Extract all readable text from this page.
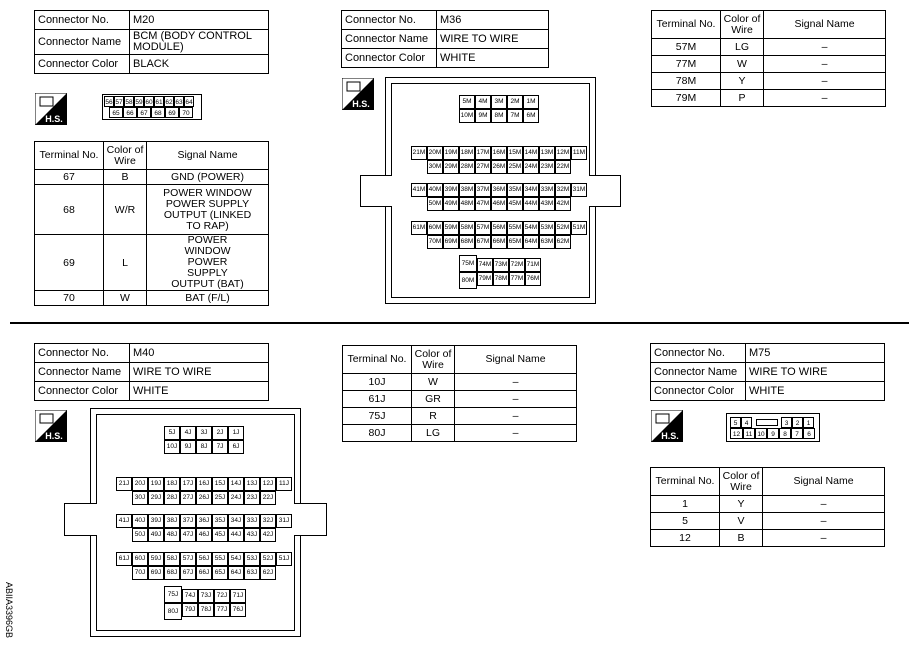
Connector No.	M20
Connector Name	BCM (BODY CONTROL MODULE)
Connector Color	BLACK
H.S.
56 57 58 59 60 61 62 63 64
65	66	67	68	69	70
Terminal No.	Color of Wire	Signal Name
67	B	GND (POWER)
68	W/R	POWER WINDOW POWER SUPPLY OUTPUT (LINKED TO RAP)
69	L	POWER WINDOW POWER SUPPLY OUTPUT (BAT)
70	W	BAT (F/L)
Connector No.	M36
Connector Name	WIRE TO WIRE
Connector Color	WHITE
H.S.	5M
10M
4M	3M	2M	1M
9M	8M	7M	6M
21M 20M 19M 18M 17M 16M 15M 14M 13M 12M 11M
30M 29M 28M 27M 26M 25M 24M 23M 22M
41M 40M 39M 38M 37M 36M 35M 34M 33M 32M 31M
50M 49M 48M 47M 46M 45M 44M 43M 42M
61M 60M 59M 58M 57M 56M 55M 54M 53M 52M 51M
70M 69M 68M 67M 66M 65M 64M 63M 62M
75M
80M
74M 73M 72M 71M
79M 78M 77M 76M
Terminal No.	Color of Wire	Signal Name
57M	LG	–
77M	W	–
78M	Y	–
79M	P	–
Connector No.	M40
Connector Name	WIRE TO WIRE
Connector Color	WHITE
H.S.	5J
10J
4J	3J	2J	1J
9J	8J	7J	6J
21J 20J 19J 18J 17J 16J 15J 14J 13J 12J 11J
30J 29J 28J 27J 26J 25J 24J 23J 22J
41J 40J 39J 38J 37J 36J 35J 34J 33J 32J 31J
50J 49J 48J 47J 46J 45J 44J 43J 42J
61J 60J 59J 58J 57J 56J 55J 54J 53J 52J 51J
70J 69J 68J 67J 66J 65J 64J 63J 62J
75J
80J
74J 73J 72J 71J
79J 78J 77J 76J
Terminal No.	Color of Wire	Signal Name
10J	W	–
61J	GR	–
75J	R	–
80J	LG	–
Connector No.	M75
Connector Name	WIRE TO WIRE
Connector Color	WHITE
H.S.
5	4	3	2	1
12 11 10	9	8	7	6
Terminal No.	Color of Wire	Signal Name
1	Y	–
5	V	–
12	B	–
ABIIA3396GB
